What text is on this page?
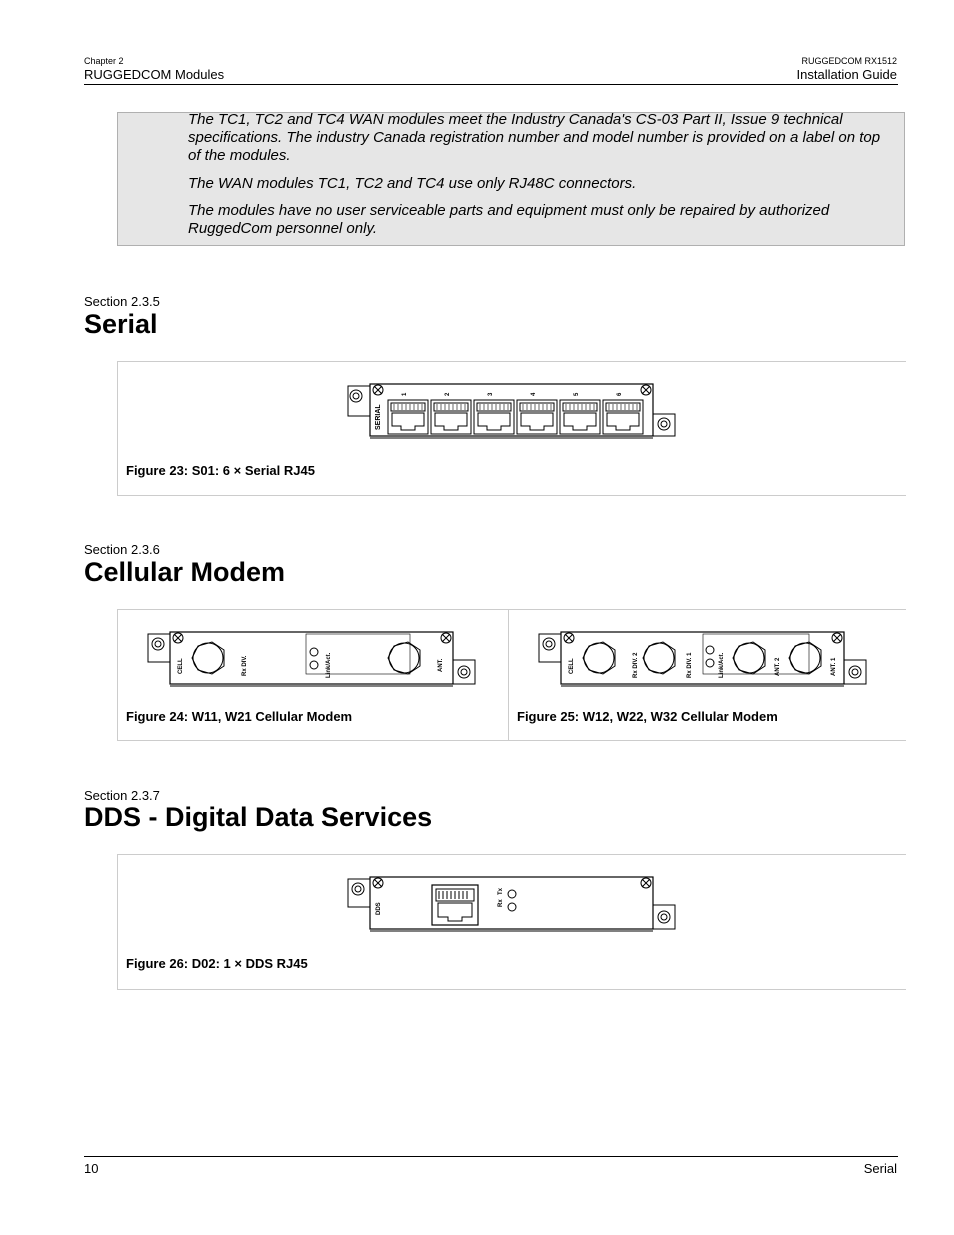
Chapter 2
RUGGEDCOM Modules
RUGGEDCOM RX1512
Installation Guide

The TC1, TC2 and TC4 WAN modules meet the Industry Canada's CS-03 Part II, Issue 9 technical specifications. The industry Canada registration number and model number is provided on a label on top of the modules.

The WAN modules TC1, TC2 and TC4 use only RJ48C connectors.

The modules have no user serviceable parts and equipment must only be repaired by authorized RuggedCom personnel only.

Section 2.3.5
Serial
SERIAL
1	2	3	4	5	6
Figure 23: S01: 6 × Serial RJ45
Section 2.3.6
Cellular Modem
CELL	Rx DIV.	Link/Act.	ANT.
Figure 24: W11, W21 Cellular Modem
CELL	Rx DIV. 2	Rx DIV. 1	Link/Act.	ANT. 2	ANT. 1
Figure 25: W12, W22, W32 Cellular Modem
Section 2.3.7
DDS - Digital Data Services
DDS	Rx
Tx
Figure 26: D02: 1 × DDS RJ45
10	Serial
